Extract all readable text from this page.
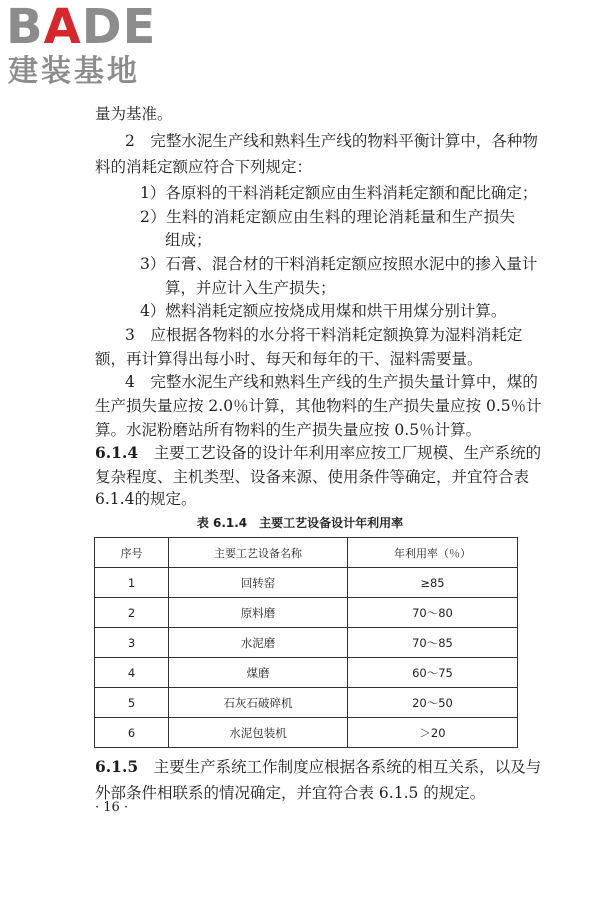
BADE
建装基地
量为基准。
2　完整水泥生产线和熟料生产线的物料平衡计算中，各种物
料的消耗定额应符合下列规定：
1）各原料的干料消耗定额应由生料消耗定额和配比确定；
2）生料的消耗定额应由生料的理论消耗量和生产损失
组成；
3）石膏、混合材的干料消耗定额应按照水泥中的掺入量计
算，并应计入生产损失；
4）燃料消耗定额应按烧成用煤和烘干用煤分别计算。
3　应根据各物料的水分将干料消耗定额换算为湿料消耗定
额，再计算得出每小时、每天和每年的干、湿料需要量。
4　完整水泥生产线和熟料生产线的生产损失量计算中，煤的
生产损失量应按 2.0％计算，其他物料的生产损失量应按 0.5％计
算。水泥粉磨站所有物料的生产损失量应按 0.5％计算。
6.1.4　主要工艺设备的设计年利用率应按工厂规模、生产系统的
复杂程度、主机类型、设备来源、使用条件等确定，并宜符合表
表 6.1.4　主要工艺设备设计年利用率
序号	主要工艺设备名称	年利用率（％）
1	回转窑	≥85
2	原料磨	70～80
3	水泥磨	70～85
4	煤磨	60～75
5	石灰石破碎机	20～50
6	水泥包装机	＞20
6.1.5　主要生产系统工作制度应根据各系统的相互关系，以及与
外部条件相联系的情况确定，并宜符合表 6.1.5 的规定。
· 16 ·
6.1.4的规定。
